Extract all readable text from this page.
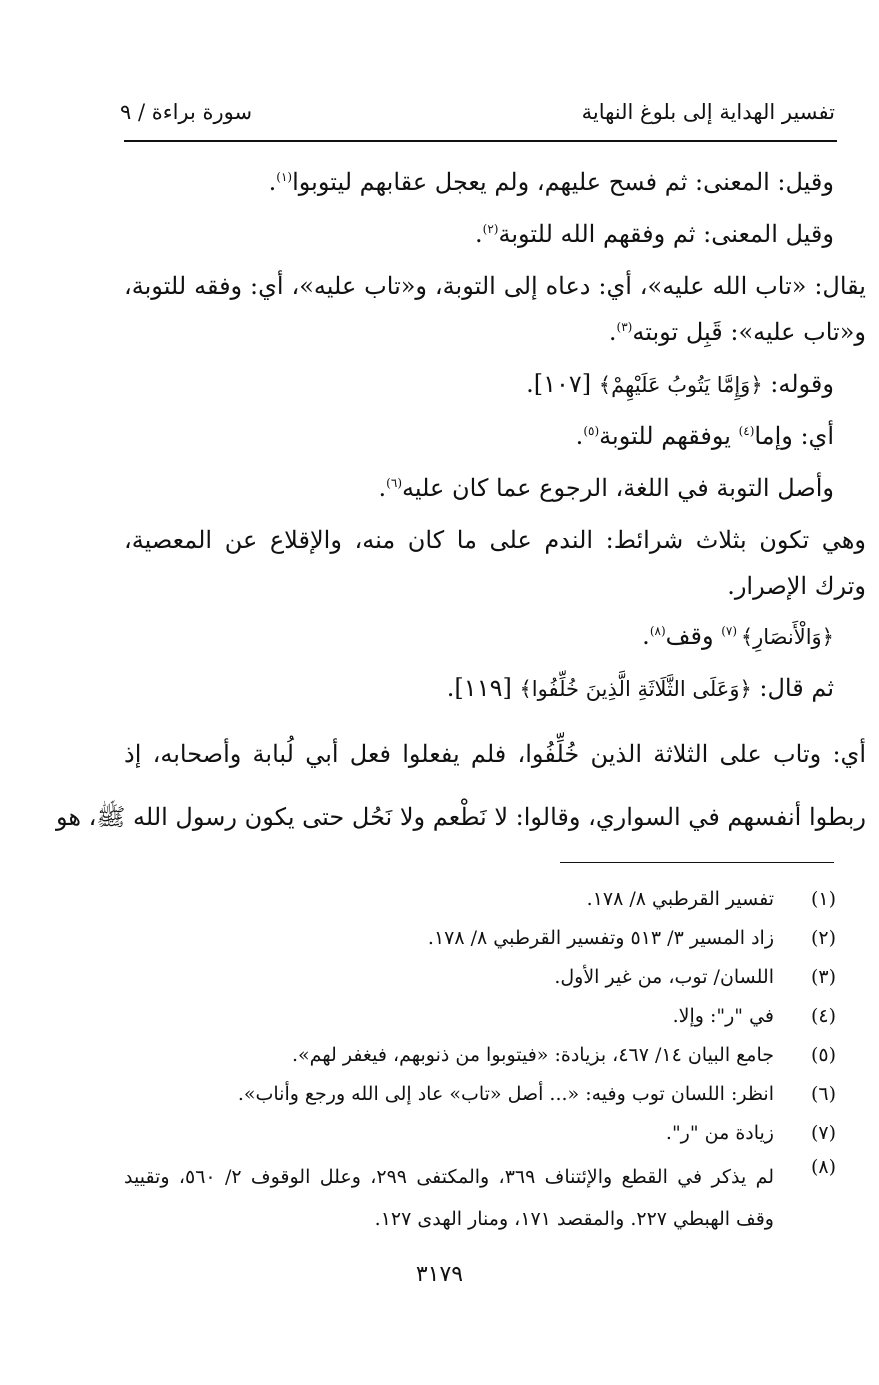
تفسير الهداية إلى بلوغ النهاية
سورة براءة / ٩
وقيل: المعنى: ثم فسح عليهم، ولم يعجل عقابهم ليتوبوا$^{(١)}$.
وقيل المعنى: ثم وفقهم الله للتوبة$^{(٢)}$.
يقال: «تاب الله عليه»، أي: دعاه إلى التوبة، و«تاب عليه»، أي: وفقه للتوبة،
و«تاب عليه»: قَبِل توبته$^{(٣)}$.
وقوله: ﴿وَإِمَّا يَتُوبُ عَلَيْهِمْ﴾ [١٠٧].
أي: وإما$^{(٤)}$ يوفقهم للتوبة$^{(٥)}$.
وأصل التوبة في اللغة، الرجوع عما كان عليه$^{(٦)}$.
وهي تكون بثلاث شرائط: الندم على ما كان منه، والإقلاع عن المعصية،
وترك الإصرار.
﴿وَالْأَنصَارِ﴾ $^{(٧)}$ وقف$^{(٨)}$.
ثم قال: ﴿وَعَلَى الثَّلَاثَةِ الَّذِينَ خُلِّفُوا﴾ [١١٩].
أي: وتاب على الثلاثة الذين خُلِّفُوا، فلم يفعلوا فعل أبي لُبابة وأصحابه، إذ
ربطوا أنفسهم في السواري، وقالوا: لا نَطْعم ولا نَحُل حتى يكون رسول الله ﷺ، هو
(١)
تفسير القرطبي ٨/ ١٧٨.
(٢)
زاد المسير ٣/ ٥١٣ وتفسير القرطبي ٨/ ١٧٨.
(٣)
اللسان/ توب، من غير الأول.
(٤)
في "ر": وإلا.
(٥)
جامع البيان ١٤/ ٤٦٧، بزيادة: «فيتوبوا من ذنوبهم، فيغفر لهم».
(٦)
انظر: اللسان توب وفيه: «... أصل «تاب» عاد إلى الله ورجع وأناب».
(٧)
زيادة من "ر".
(٨)
لم يذكر في القطع والإئتناف ٣٦٩، والمكتفى ٢٩٩، وعلل الوقوف ٢/ ٥٦٠، وتقييد وقف الهبطي ٢٢٧. والمقصد ١٧١، ومنار الهدى ١٢٧.
٣١٧٩
